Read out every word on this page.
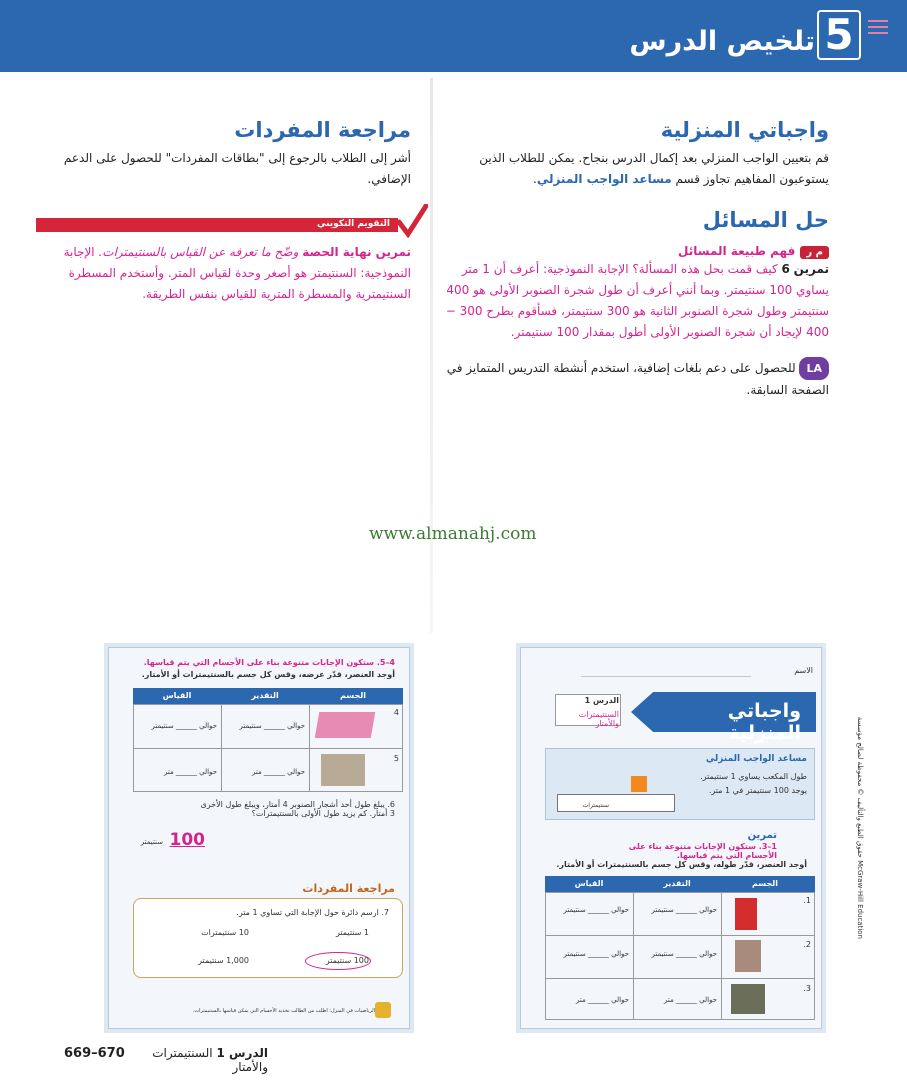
5
تلخيص الدرس
واجباتي المنزلية
قم بتعيين الواجب المنزلي بعد إكمال الدرس بنجاح. يمكن للطلاب الذين يستوعبون المفاهيم تجاوز قسم مساعد الواجب المنزلي.
حل المسائل
م ر فهم طبيعة المسائل
تمرين 6 كيف قمت بحل هذه المسألة؟ الإجابة النموذجية: أعرف أن 1 متر يساوي 100 سنتيمتر. وبما أنني أعرف أن طول شجرة الصنوبر الأولى هو 400 سنتيمتر وطول شجرة الصنوبر الثانية هو 300 سنتيمتر، فسأقوم بطرح 300 − 400 لإيجاد أن شجرة الصنوبر الأولى أطول بمقدار 100 سنتيمتر.
LA للحصول على دعم بلغات إضافية، استخدم أنشطة التدريس المتمايز في الصفحة السابقة.
مراجعة المفردات
أشر إلى الطلاب بالرجوع إلى "بطاقات المفردات" للحصول على الدعم الإضافي.
التقويم التكويني
تمرين نهاية الحصة وضّح ما تعرفه عن القياس بالسنتيمترات. الإجابة النموذجية: السنتيمتر هو أصغر وحدة لقياس المتر. وأستخدم المسطرة السنتيمترية والمسطرة المترية للقياس بنفس الطريقة.
www.almanahj.com
الاسم
واجباتي المنزلية
الدرس 1
السنتيمترات والأمتار
مساعد الواجب المنزلي
طول المكعب يساوي 1 سنتيمتر.
يوجد 100 سنتيمتر في 1 متر.
سنتيمترات
تمرين
1–3. ستكون الإجابات متنوعة بناء على الأجسام التي يتم قياسها.
أوجد العنصر، قدّر طوله، وقس كل جسم بالسنتيمترات أو الأمتار.
الجسم
التقدير
القياس
1.
2.
3.
حوالي ______ سنتيمتر
حوالي ______ سنتيمتر
حوالي ______ سنتيمتر
حوالي ______ سنتيمتر
حوالي ______ متر
حوالي ______ متر
McGraw-Hill Education حقوق الطبع والتأليف © محفوظة لصالح مؤسسة
4–5. ستكون الإجابات متنوعة بناء على الأجسام التي يتم قياسها.
أوجد العنصر، قدّر عرضه، وقس كل جسم بالسنتيمترات أو الأمتار.
الجسم
التقدير
القياس
4
5
حوالي ______ سنتيمتر
حوالي ______ سنتيمتر
حوالي ______ متر
حوالي ______ متر
6. يبلغ طول أحد أشجار الصنوبر 4 أمتار، ويبلغ طول الأخرى 3 أمتار. كم يزيد طول الأولى بالسنتيمترات؟
100
سنتيمتر
مراجعة المفردات
7. ارسم دائرة حول الإجابة التي تساوي 1 متر.
1 سنتيمتر
10 سنتيمترات
100 سنتيمتر
1,000 سنتيمتر
الرياضيات في المنزل: اطلب من الطالب تحديد الأجسام التي يمكن قياسها بالسنتيمترات.
الدرس 1 السنتيمترات والأمتار
669–670
